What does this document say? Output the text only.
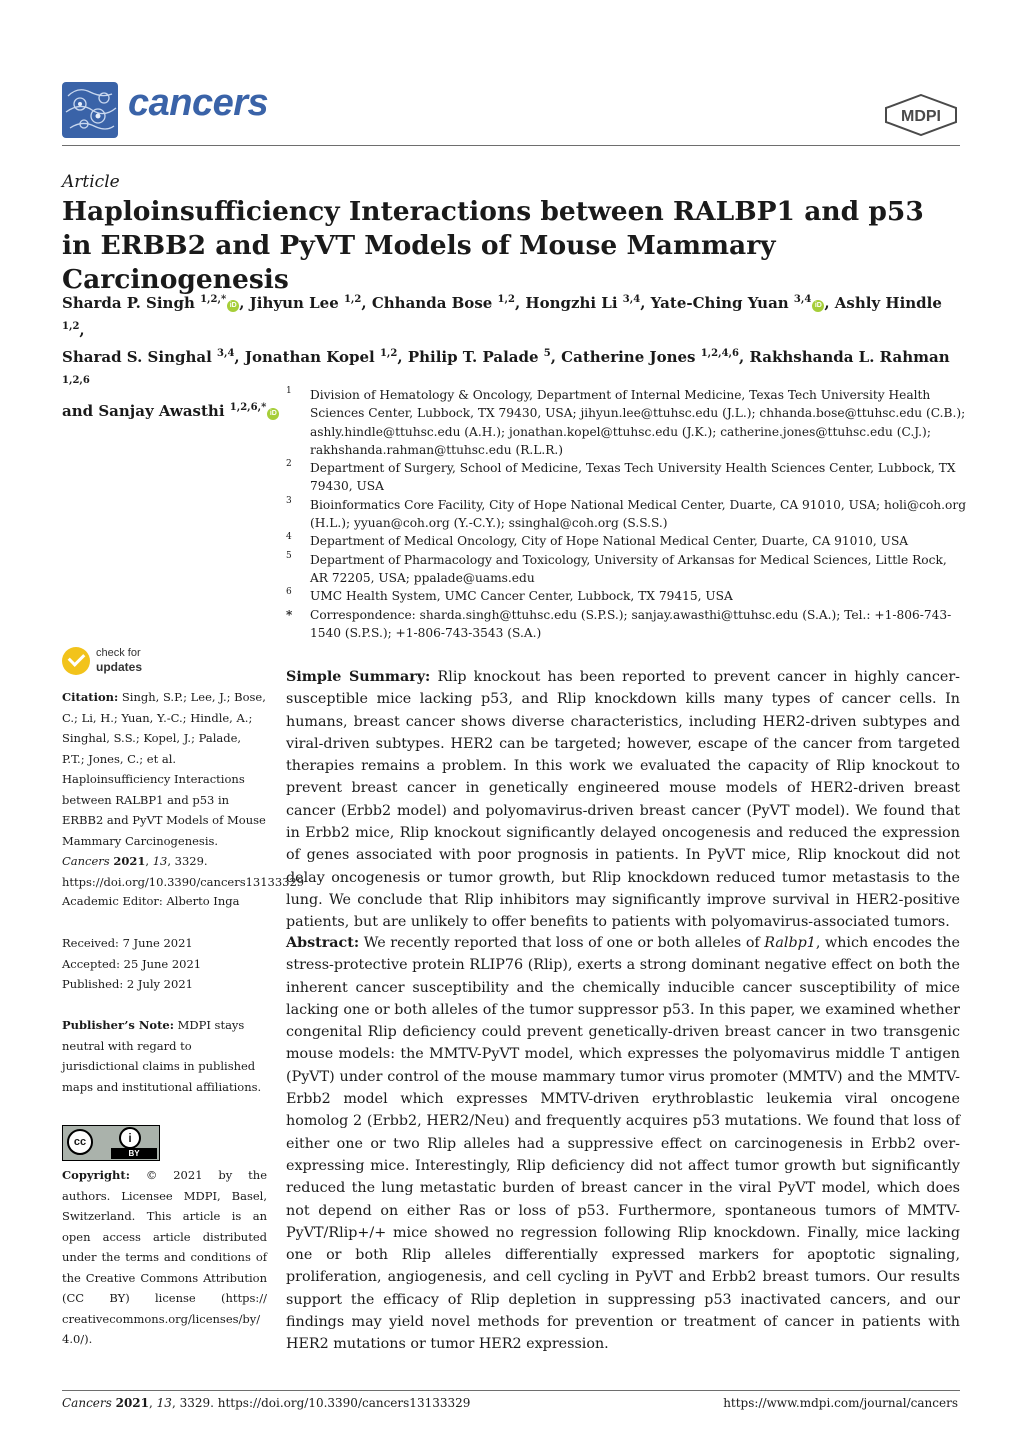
cancers	MDPI
Article
Haploinsufficiency Interactions between RALBP1 and p53 in ERBB2 and PyVT Models of Mouse Mammary Carcinogenesis
Sharda P. Singh $^{1,2,*}$iD , Jihyun Lee $^{1,2}$, Chhanda Bose $^{1,2}$, Hongzhi Li $^{3,4}$, Yate-Ching Yuan $^{3,4}$iD , Ashly Hindle $^{1,2}$,
Sharad S. Singhal $^{3,4}$, Jonathan Kopel $^{1,2}$, Philip T. Palade $^5$, Catherine Jones $^{1,2,4,6}$, Rakhshanda L. Rahman $^{1,2,6}$
and Sanjay Awasthi $^{1,2,6,*}$iD
1 Division of Hematology & Oncology, Department of Internal Medicine, Texas Tech University Health Sciences Center, Lubbock, TX 79430, USA; jihyun.lee@ttuhsc.edu (J.L.); chhanda.bose@ttuhsc.edu (C.B.); ashly.hindle@ttuhsc.edu (A.H.); jonathan.kopel@ttuhsc.edu (J.K.); catherine.jones@ttuhsc.edu (C.J.); rakhshanda.rahman@ttuhsc.edu (R.L.R.)
2 Department of Surgery, School of Medicine, Texas Tech University Health Sciences Center, Lubbock, TX 79430, USA
3 Bioinformatics Core Facility, City of Hope National Medical Center, Duarte, CA 91010, USA; holi@coh.org (H.L.); yyuan@coh.org (Y.-C.Y.); ssinghal@coh.org (S.S.S.)
4 Department of Medical Oncology, City of Hope National Medical Center, Duarte, CA 91010, USA
5 Department of Pharmacology and Toxicology, University of Arkansas for Medical Sciences, Little Rock, AR 72205, USA; ppalade@uams.edu
6 UMC Health System, UMC Cancer Center, Lubbock, TX 79415, USA
* Correspondence: sharda.singh@ttuhsc.edu (S.P.S.); sanjay.awasthi@ttuhsc.edu (S.A.); Tel.: +1-806-743-1540 (S.P.S.); +1-806-743-3543 (S.A.)
check for
updates
Citation: Singh, S.P.; Lee, J.; Bose, C.; Li, H.; Yuan, Y.-C.; Hindle, A.; Singhal, S.S.; Kopel, J.; Palade, P.T.; Jones, C.; et al. Haploinsufficiency Interactions between RALBP1 and p53 in ERBB2 and PyVT Models of Mouse Mammary Carcinogenesis. Cancers 2021, 13, 3329. https://doi.org/10.3390/cancers13133329
Academic Editor: Alberto Inga
Received: 7 June 2021
Accepted: 25 June 2021
Published: 2 July 2021
Publisher’s Note: MDPI stays neutral with regard to jurisdictional claims in published maps and institutional affiliations.
cc	i
BY
Copyright: © 2021 by the authors. Licensee MDPI, Basel, Switzerland. This article is an open access article distributed under the terms and conditions of the Creative Commons Attribution (CC BY) license (https:// creativecommons.org/licenses/by/ 4.0/).
Simple Summary: Rlip knockout has been reported to prevent cancer in highly cancer-susceptible mice lacking p53, and Rlip knockdown kills many types of cancer cells. In humans, breast cancer shows diverse characteristics, including HER2-driven subtypes and viral-driven subtypes. HER2 can be targeted; however, escape of the cancer from targeted therapies remains a problem. In this work we evaluated the capacity of Rlip knockout to prevent breast cancer in genetically engineered mouse models of HER2-driven breast cancer (Erbb2 model) and polyomavirus-driven breast cancer (PyVT model). We found that in Erbb2 mice, Rlip knockout significantly delayed oncogenesis and reduced the expression of genes associated with poor prognosis in patients. In PyVT mice, Rlip knockout did not delay oncogenesis or tumor growth, but Rlip knockdown reduced tumor metastasis to the lung. We conclude that Rlip inhibitors may significantly improve survival in HER2-positive patients, but are unlikely to offer benefits to patients with polyomavirus-associated tumors.
Abstract: We recently reported that loss of one or both alleles of Ralbp1, which encodes the stress-protective protein RLIP76 (Rlip), exerts a strong dominant negative effect on both the inherent cancer susceptibility and the chemically inducible cancer susceptibility of mice lacking one or both alleles of the tumor suppressor p53. In this paper, we examined whether congenital Rlip deficiency could prevent genetically-driven breast cancer in two transgenic mouse models: the MMTV-PyVT model, which expresses the polyomavirus middle T antigen (PyVT) under control of the mouse mammary tumor virus promoter (MMTV) and the MMTV-Erbb2 model which expresses MMTV-driven erythroblastic leukemia viral oncogene homolog 2 (Erbb2, HER2/Neu) and frequently acquires p53 mutations. We found that loss of either one or two Rlip alleles had a suppressive effect on carcinogenesis in Erbb2 over-expressing mice. Interestingly, Rlip deficiency did not affect tumor growth but significantly reduced the lung metastatic burden of breast cancer in the viral PyVT model, which does not depend on either Ras or loss of p53. Furthermore, spontaneous tumors of MMTV-PyVT/Rlip+/+ mice showed no regression following Rlip knockdown. Finally, mice lacking one or both Rlip alleles differentially expressed markers for apoptotic signaling, proliferation, angiogenesis, and cell cycling in PyVT and Erbb2 breast tumors. Our results support the efficacy of Rlip depletion in suppressing p53 inactivated cancers, and our findings may yield novel methods for prevention or treatment of cancer in patients with HER2 mutations or tumor HER2 expression.
Cancers 2021, 13, 3329. https://doi.org/10.3390/cancers13133329	https://www.mdpi.com/journal/cancers
